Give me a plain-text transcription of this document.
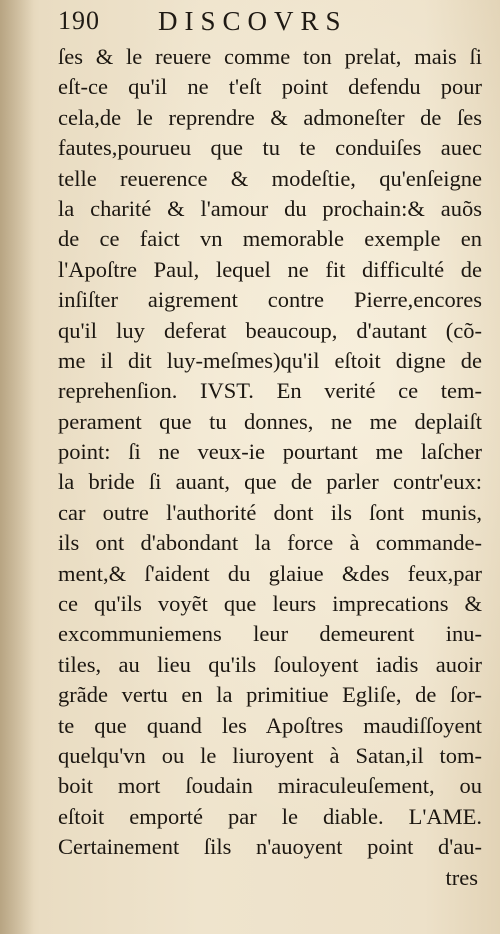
190 DISCOVRS
ſes & le reuere comme ton prelat, mais ſi
eſt-ce qu'il ne t'eſt point defendu pour
cela,de le reprendre & admoneſter de ſes
fautes,pourueu que tu te conduiſes auec
telle reuerence & modeſtie, qu'enſeigne
la charité & l'amour du prochain:& auõs
de ce faict vn memorable exemple en
l'Apoſtre Paul, lequel ne fit difficulté de
inſiſter aigrement contre Pierre,encores
qu'il luy deferat beaucoup, d'autant (cõ-
me il dit luy-meſmes)qu'il eſtoit digne de
reprehenſion. IVST. En verité ce tem-
perament que tu donnes, ne me deplaiſt
point: ſi ne veux-ie pourtant me laſcher
la bride ſi auant, que de parler contr'eux:
car outre l'authorité dont ils ſont munis,
ils ont d'abondant la force à commande-
ment,& ſ'aident du glaiue &des feux,par
ce qu'ils voyẽt que leurs imprecations &
excommuniemens leur demeurent inu-
tiles, au lieu qu'ils ſouloyent iadis auoir
grãde vertu en la primitiue Egliſe, de ſor-
te que quand les Apoſtres maudiſſoyent
quelqu'vn ou le liuroyent à Satan,il tom-
boit mort ſoudain miraculeuſement, ou
eſtoit emporté par le diable. L'AME.
Certainement ſils n'auoyent point d'au-
tres
